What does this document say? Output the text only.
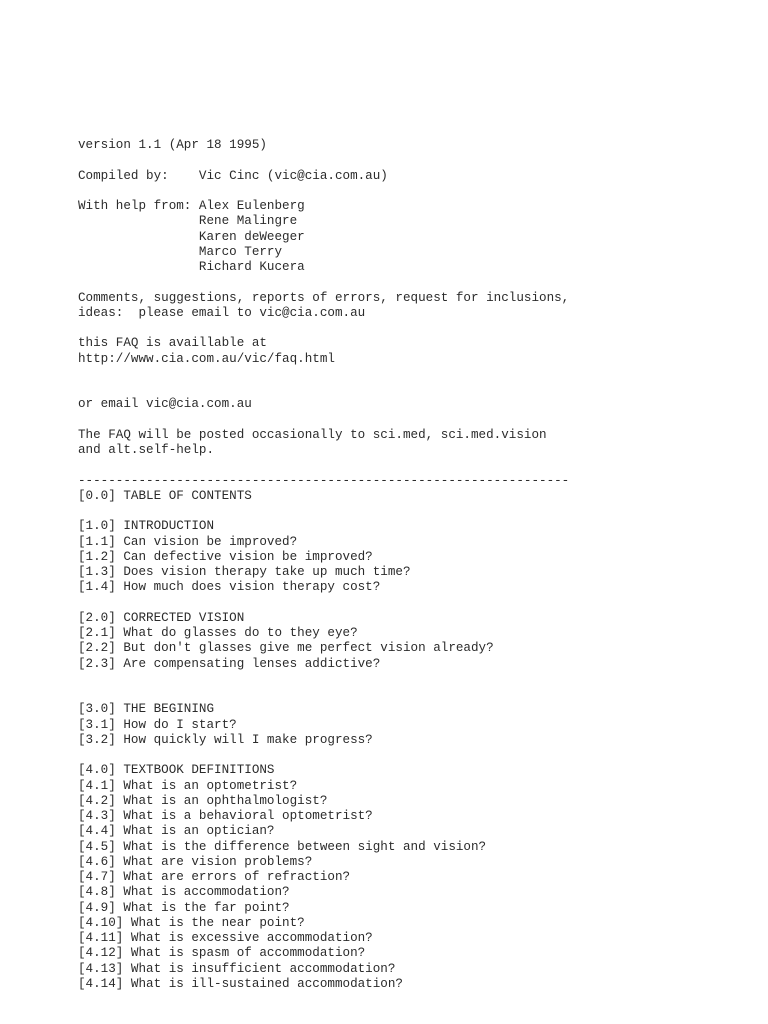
version 1.1 (Apr 18 1995)
Compiled by:    Vic Cinc (vic@cia.com.au)
With help from: Alex Eulenberg
Rene Malingre
Karen deWeeger
Marco Terry
Richard Kucera
Comments, suggestions, reports of errors, request for inclusions,
ideas:  please email to vic@cia.com.au
this FAQ is availlable at
http://www.cia.com.au/vic/faq.html
or email vic@cia.com.au
The FAQ will be posted occasionally to sci.med, sci.med.vision
and alt.self-help.
-----------------------------------------------------------------
[0.0] TABLE OF CONTENTS
[1.0] INTRODUCTION
[1.1] Can vision be improved?
[1.2] Can defective vision be improved?
[1.3] Does vision therapy take up much time?
[1.4] How much does vision therapy cost?
[2.0] CORRECTED VISION
[2.1] What do glasses do to they eye?
[2.2] But don't glasses give me perfect vision already?
[2.3] Are compensating lenses addictive?
[3.0] THE BEGINING
[3.1] How do I start?
[3.2] How quickly will I make progress?
[4.0] TEXTBOOK DEFINITIONS
[4.1] What is an optometrist?
[4.2] What is an ophthalmologist?
[4.3] What is a behavioral optometrist?
[4.4] What is an optician?
[4.5] What is the difference between sight and vision?
[4.6] What are vision problems?
[4.7] What are errors of refraction?
[4.8] What is accommodation?
[4.9] What is the far point?
[4.10] What is the near point?
[4.11] What is excessive accommodation?
[4.12] What is spasm of accommodation?
[4.13] What is insufficient accommodation?
[4.14] What is ill-sustained accommodation?
